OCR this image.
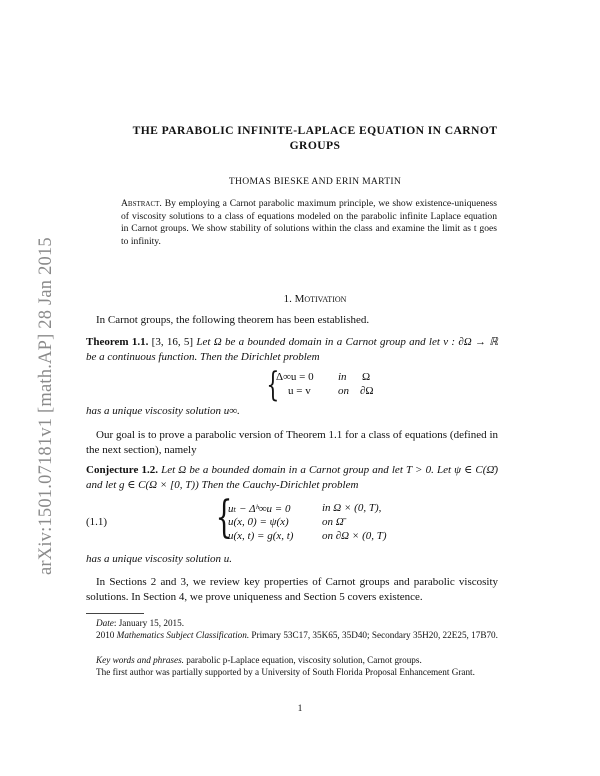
arXiv:1501.07181v1 [math.AP] 28 Jan 2015
THE PARABOLIC INFINITE-LAPLACE EQUATION IN CARNOT
GROUPS
THOMAS BIESKE AND ERIN MARTIN
Abstract. By employing a Carnot parabolic maximum principle, we show existence-uniqueness of viscosity solutions to a class of equations modeled on the parabolic infinite Laplace equation in Carnot groups. We show stability of solutions within the class and examine the limit as t goes to infinity.
1. Motivation
In Carnot groups, the following theorem has been established.
Theorem 1.1. [3, 16, 5] Let Ω be a bounded domain in a Carnot group and let v : ∂Ω → ℝ be a continuous function. Then the Dirichlet problem
{
Δ∞u = 0 in Ω
u = v on ∂Ω
has a unique viscosity solution u∞.
Our goal is to prove a parabolic version of Theorem 1.1 for a class of equations (defined in the next section), namely
Conjecture 1.2. Let Ω be a bounded domain in a Carnot group and let T > 0. Let ψ ∈ C(Ω̄) and let g ∈ C(Ω × [0, T)) Then the Cauchy-Dirichlet problem
(1.1) {
uₜ − Δʰ∞u = 0	in Ω × (0, T),
u(x, 0) = ψ(x)	on Ω̄
u(x, t) = g(x, t)	on ∂Ω × (0, T)
has a unique viscosity solution u.
In Sections 2 and 3, we review key properties of Carnot groups and parabolic viscosity solutions. In Section 4, we prove uniqueness and Section 5 covers existence.
Date: January 15, 2015.
2010 Mathematics Subject Classification. Primary 53C17, 35K65, 35D40; Secondary 35H20, 22E25, 17B70.
Key words and phrases. parabolic p-Laplace equation, viscosity solution, Carnot groups.
The first author was partially supported by a University of South Florida Proposal Enhancement Grant.
1
